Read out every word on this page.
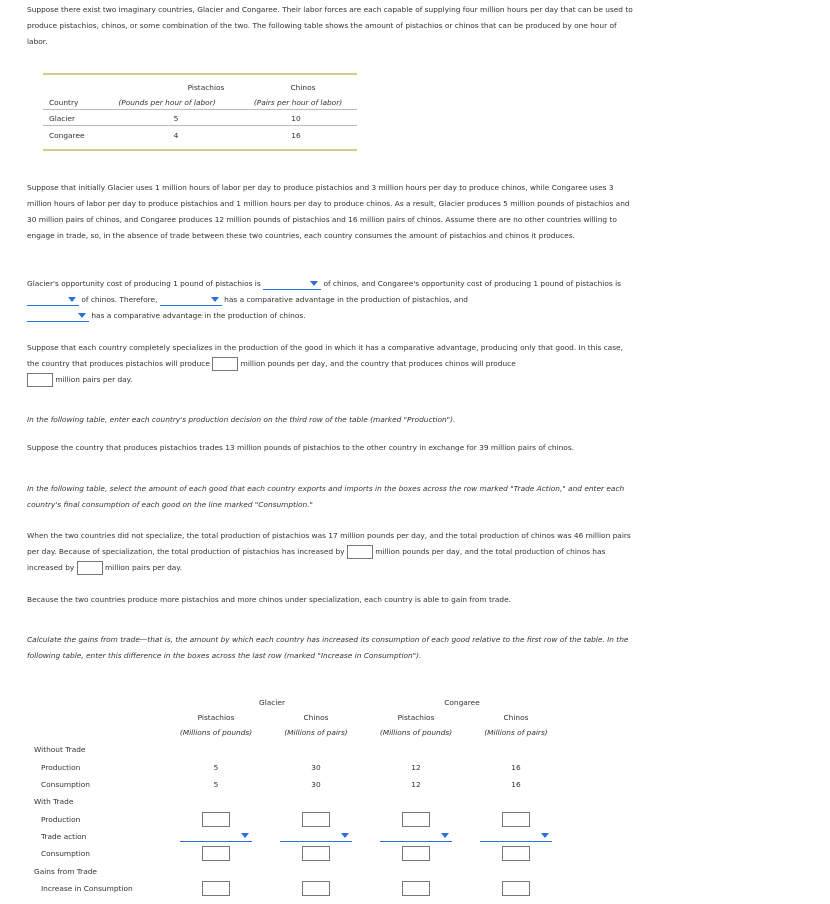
Suppose there exist two imaginary countries, Glacier and Congaree. Their labor forces are each capable of supplying four million hours per day that can be used to produce pistachios, chinos, or some combination of the two. The following table shows the amount of pistachios or chinos that can be produced by one hour of labor.

Pistachios	Chinos
Country	(Pounds per hour of labor)	(Pairs per hour of labor)
Glacier	5	10
Congaree	4	16

Suppose that initially Glacier uses 1 million hours of labor per day to produce pistachios and 3 million hours per day to produce chinos, while Congaree uses 3 million hours of labor per day to produce pistachios and 1 million hours per day to produce chinos. As a result, Glacier produces 5 million pounds of pistachios and 30 million pairs of chinos, and Congaree produces 12 million pounds of pistachios and 16 million pairs of chinos. Assume there are no other countries willing to engage in trade, so, in the absence of trade between these two countries, each country consumes the amount of pistachios and chinos it produces.

Glacier's opportunity cost of producing 1 pound of pistachios is	of chinos, and Congaree's opportunity cost of producing 1 pound of pistachios is
of chinos. Therefore,	has a comparative advantage in the production of pistachios, and

has a comparative advantage in the production of chinos.

Suppose that each country completely specializes in the production of the good in which it has a comparative advantage, producing only that good. In this case, the country that produces pistachios will produce	million pounds per day, and the country that produces chinos will produce
million pairs per day.

In the following table, enter each country's production decision on the third row of the table (marked "Production").

Suppose the country that produces pistachios trades 13 million pounds of pistachios to the other country in exchange for 39 million pairs of chinos.

In the following table, select the amount of each good that each country exports and imports in the boxes across the row marked "Trade Action," and enter each country's final consumption of each good on the line marked "Consumption."

When the two countries did not specialize, the total production of pistachios was 17 million pounds per day, and the total production of chinos was 46 million pairs per day. Because of specialization, the total production of pistachios has increased by	million pounds per day, and the total production of chinos has increased by	million pairs per day.

Because the two countries produce more pistachios and more chinos under specialization, each country is able to gain from trade.

Calculate the gains from trade—that is, the amount by which each country has increased its consumption of each good relative to the first row of the table. In the following table, enter this difference in the boxes across the last row (marked "Increase in Consumption").

Glacier	Congaree
Pistachios	Chinos	Pistachios	Chinos
(Millions of pounds)	(Millions of pairs)	(Millions of pounds)	(Millions of pairs)
Without Trade
Production	5	30	12	16
Consumption	5	30	12	16
With Trade
Production
Trade action
Consumption
Gains from Trade
Increase in Consumption
